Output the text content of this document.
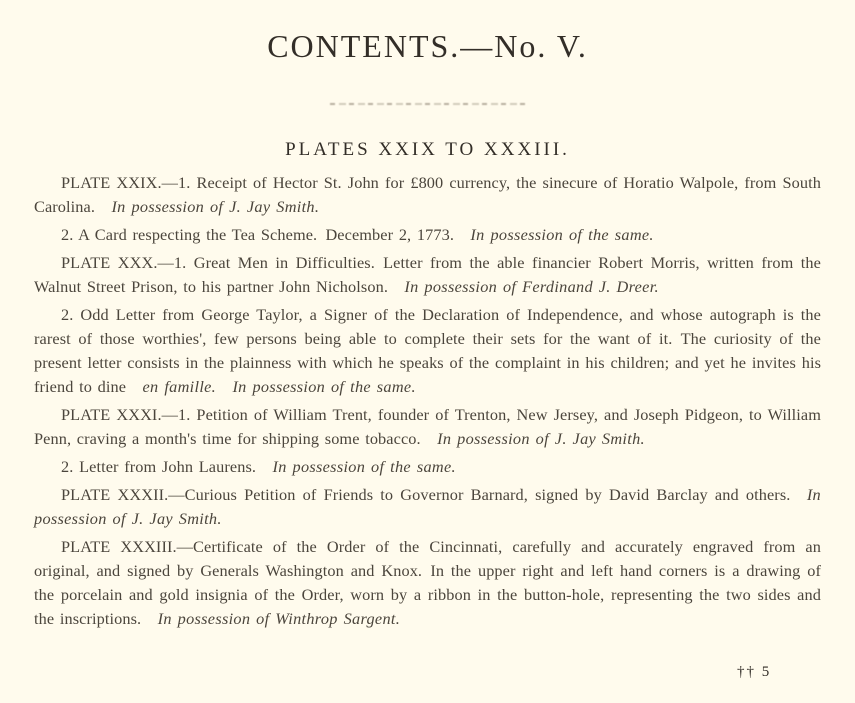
CONTENTS.—No. V.
PLATES XXIX TO XXXIII.

PLATE XXIX.—1. Receipt of Hector St. John for £800 currency, the sinecure of Horatio Walpole, from South Carolina.  In possession of J. Jay Smith.

2. A Card respecting the Tea Scheme. December 2, 1773.  In possession of the same.

PLATE XXX.—1. Great Men in Difficulties. Letter from the able financier Robert Morris, written from the Walnut Street Prison, to his partner John Nicholson.  In possession of Ferdinand J. Dreer.

2. Odd Letter from George Taylor, a Signer of the Declaration of Independence, and whose autograph is the rarest of those worthies', few persons being able to complete their sets for the want of it. The curiosity of the present letter consists in the plainness with which he speaks of the complaint in his children; and yet he invites his friend to dine  en famille.  In possession of the same.

PLATE XXXI.—1. Petition of William Trent, founder of Trenton, New Jersey, and Joseph Pidgeon, to William Penn, craving a month's time for shipping some tobacco.  In possession of J. Jay Smith.

2. Letter from John Laurens.  In possession of the same.

PLATE XXXII.—Curious Petition of Friends to Governor Barnard, signed by David Barclay and others.  In possession of J. Jay Smith.

PLATE XXXIII.—Certificate of the Order of the Cincinnati, carefully and accurately engraved from an original, and signed by Generals Washington and Knox. In the upper right and left hand corners is a drawing of the porcelain and gold insignia of the Order, worn by a ribbon in the button-hole, representing the two sides and the inscriptions.  In possession of Winthrop Sargent.

†† 5
